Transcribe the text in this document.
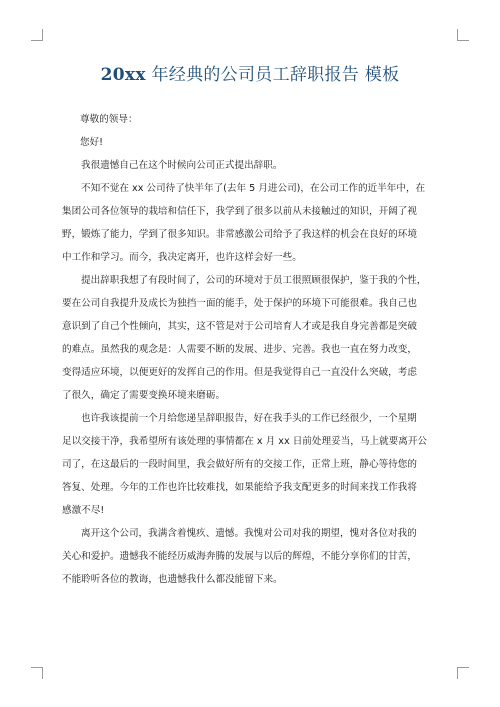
20xx 年经典的公司员工辞职报告 模板
尊敬的领导：
您好!

我很遗憾自己在这个时候向公司正式提出辞职。

不知不觉在 xx 公司待了快半年了(去年 5 月进公司)，在公司工作的近半年中，在
集团公司各位领导的栽培和信任下，我学到了很多以前从未接触过的知识，开阔了视
野，锻炼了能力，学到了很多知识。非常感激公司给予了我这样的机会在良好的环境
中工作和学习。而今，我决定离开，也许这样会好一些。

提出辞职我想了有段时间了，公司的环境对于员工很照顾很保护，鉴于我的个性，
要在公司自我提升及成长为独挡一面的能手，处于保护的环境下可能很难。我自己也
意识到了自己个性倾向，其实，这不管是对于公司培育人才或是我自身完善都是突破
的难点。虽然我的观念是：人需要不断的发展、进步、完善。我也一直在努力改变，
变得适应环境，以便更好的发挥自己的作用。但是我觉得自己一直没什么突破，考虑
了很久，确定了需要变换环境来磨砺。

也许我该提前一个月给您递呈辞职报告，好在我手头的工作已经很少，一个星期
足以交接干净，我希望所有该处理的事情都在 x 月 xx 日前处理妥当，马上就要离开公
司了，在这最后的一段时间里，我会做好所有的交接工作，正常上班，静心等待您的
答复、处理。今年的工作也许比较难找，如果能给予我支配更多的时间来找工作我将
感激不尽!

离开这个公司，我满含着愧疚、遗憾。我愧对公司对我的期望，愧对各位对我的
关心和爱护。遗憾我不能经历威海奔腾的发展与以后的辉煌，不能分享你们的甘苦，
不能聆听各位的教诲，也遗憾我什么都没能留下来。
